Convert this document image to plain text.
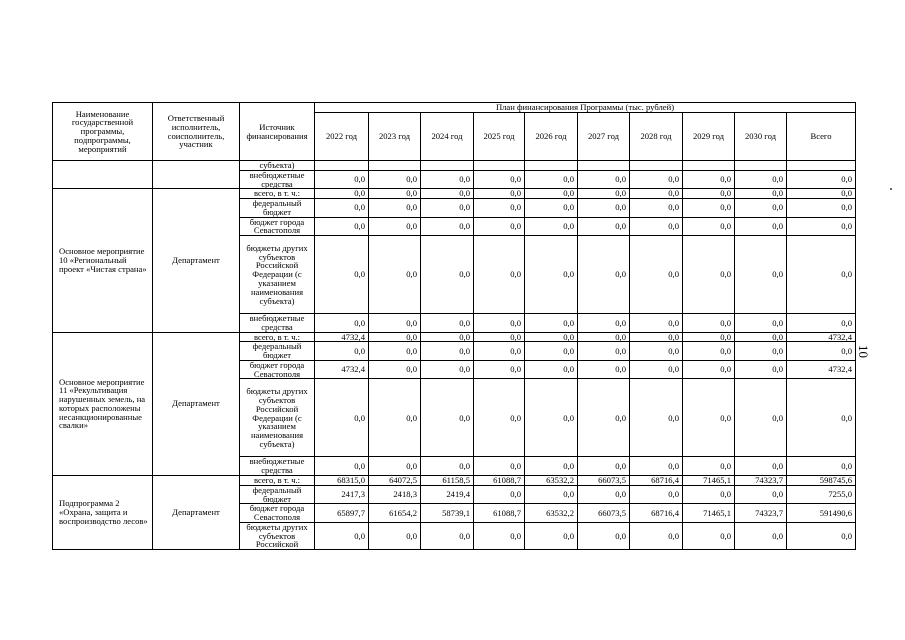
Наименование государственной программы, подпрограммы, мероприятий	Ответственный исполнитель, соисполнитель, участник	Источник финансирования	План финансирования Программы (тыс. рублей)									
			2022 год	2023 год	2024 год	2025 год	2026 год	2027 год	2028 год	2029 год	2030 год	Всего
		субъекта)										
		внебюджетные средства	0,0	0,0	0,0	0,0	0,0	0,0	0,0	0,0	0,0	0,0
Основное мероприятие 10 «Региональный проект «Чистая страна»	Департамент	всего, в т. ч.:	0,0	0,0	0,0	0,0	0,0	0,0	0,0	0,0	0,0	0,0
		федеральный бюджет	0,0	0,0	0,0	0,0	0,0	0,0	0,0	0,0	0,0	0,0
		бюджет города Севастополя	0,0	0,0	0,0	0,0	0,0	0,0	0,0	0,0	0,0	0,0
		бюджеты других субъектов Российской Федерации (с указанием наименования субъекта)	0,0	0,0	0,0	0,0	0,0	0,0	0,0	0,0	0,0	0,0
		внебюджетные средства	0,0	0,0	0,0	0,0	0,0	0,0	0,0	0,0	0,0	0,0
Основное мероприятие 11 «Рекультивация нарушенных земель, на которых расположены несанкционированные свалки»	Департамент	всего, в т. ч.:	4732,4	0,0	0,0	0,0	0,0	0,0	0,0	0,0	0,0	4732,4
		федеральный бюджет	0,0	0,0	0,0	0,0	0,0	0,0	0,0	0,0	0,0	0,0
		бюджет города Севастополя	4732,4	0,0	0,0	0,0	0,0	0,0	0,0	0,0	0,0	4732,4
		бюджеты других субъектов Российской Федерации (с указанием наименования субъекта)	0,0	0,0	0,0	0,0	0,0	0,0	0,0	0,0	0,0	0,0
		внебюджетные средства	0,0	0,0	0,0	0,0	0,0	0,0	0,0	0,0	0,0	0,0
Подпрограмма 2 «Охрана, защита и воспроизводство лесов»	Департамент	всего, в т. ч.:	68315,0	64072,5	61158,5	61088,7	63532,2	66073,5	68716,4	71465,1	74323,7	598745,6
		федеральный бюджет	2417,3	2418,3	2419,4	0,0	0,0	0,0	0,0	0,0	0,0	7255,0
		бюджет города Севастополя	65897,7	61654,2	58739,1	61088,7	63532,2	66073,5	68716,4	71465,1	74323,7	591490,6
		бюджеты других субъектов Российской	0,0	0,0	0,0	0,0	0,0	0,0	0,0	0,0	0,0	0,0
10
